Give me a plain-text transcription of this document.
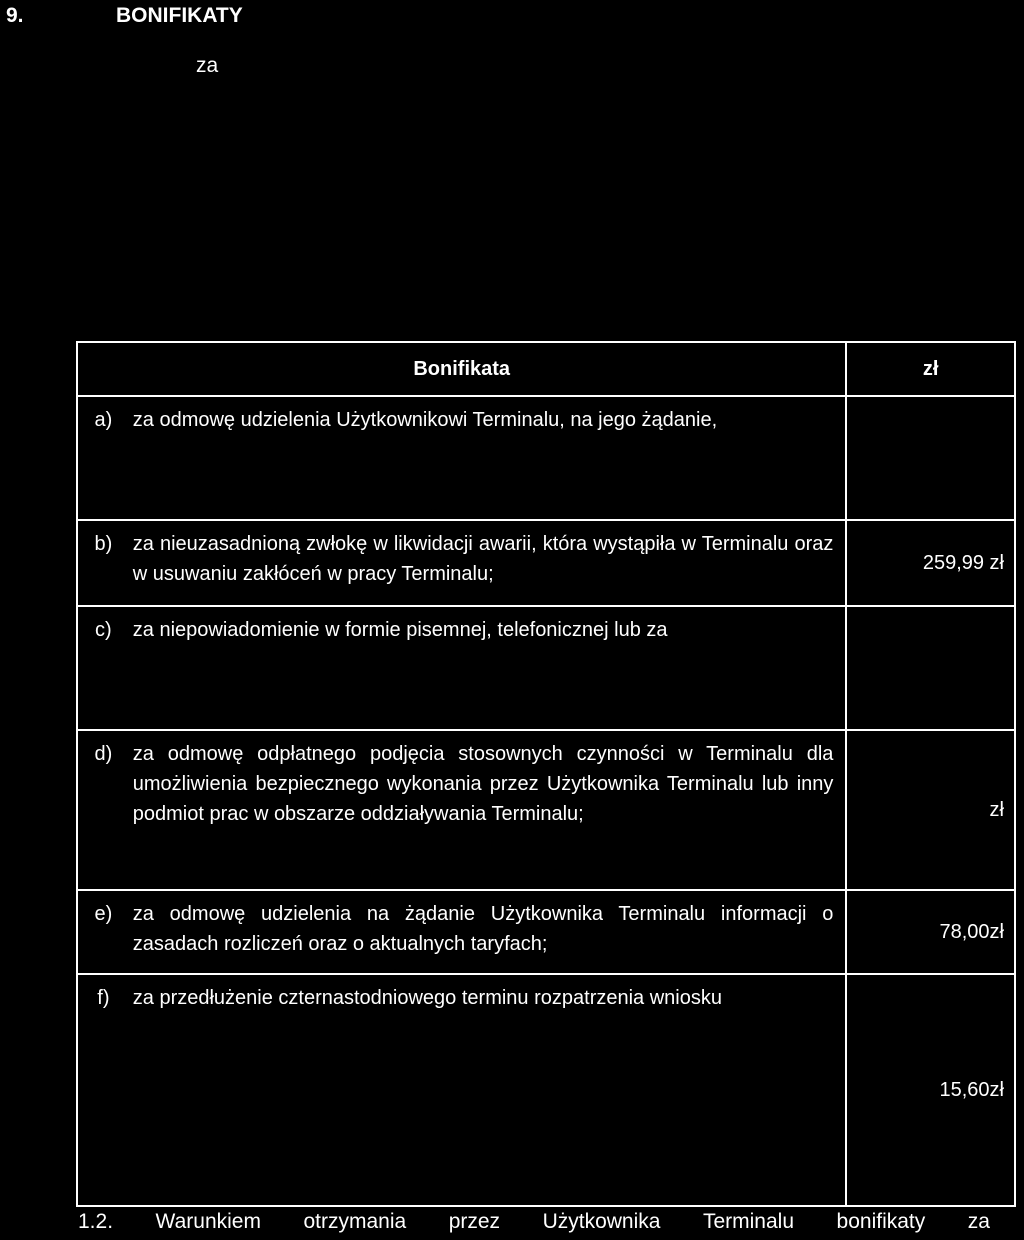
9.	BONIFIKATY
za
Bonifikata		zł
a)	za odmowę udzielenia Użytkownikowi Terminalu, na jego żądanie,	
b)	za nieuzasadnioną zwłokę w likwidacji awarii, która wystąpiła w Terminalu oraz w usuwaniu zakłóceń w pracy Terminalu;	259,99 zł
c)	za niepowiadomienie w formie pisemnej, telefonicznej lub za	
d)	za odmowę odpłatnego podjęcia stosownych czynności w Terminalu dla umożliwienia bezpiecznego wykonania przez Użytkownika Terminalu lub inny podmiot prac w obszarze oddziaływania Terminalu;	zł
e)	za odmowę udzielenia na żądanie Użytkownika Terminalu informacji o zasadach rozliczeń oraz o aktualnych taryfach;	78,00zł
f)	za przedłużenie czternastodniowego terminu rozpatrzenia wniosku	15,60zł
1.2. Warunkiem otrzymania przez Użytkownika Terminalu bonifikaty za
